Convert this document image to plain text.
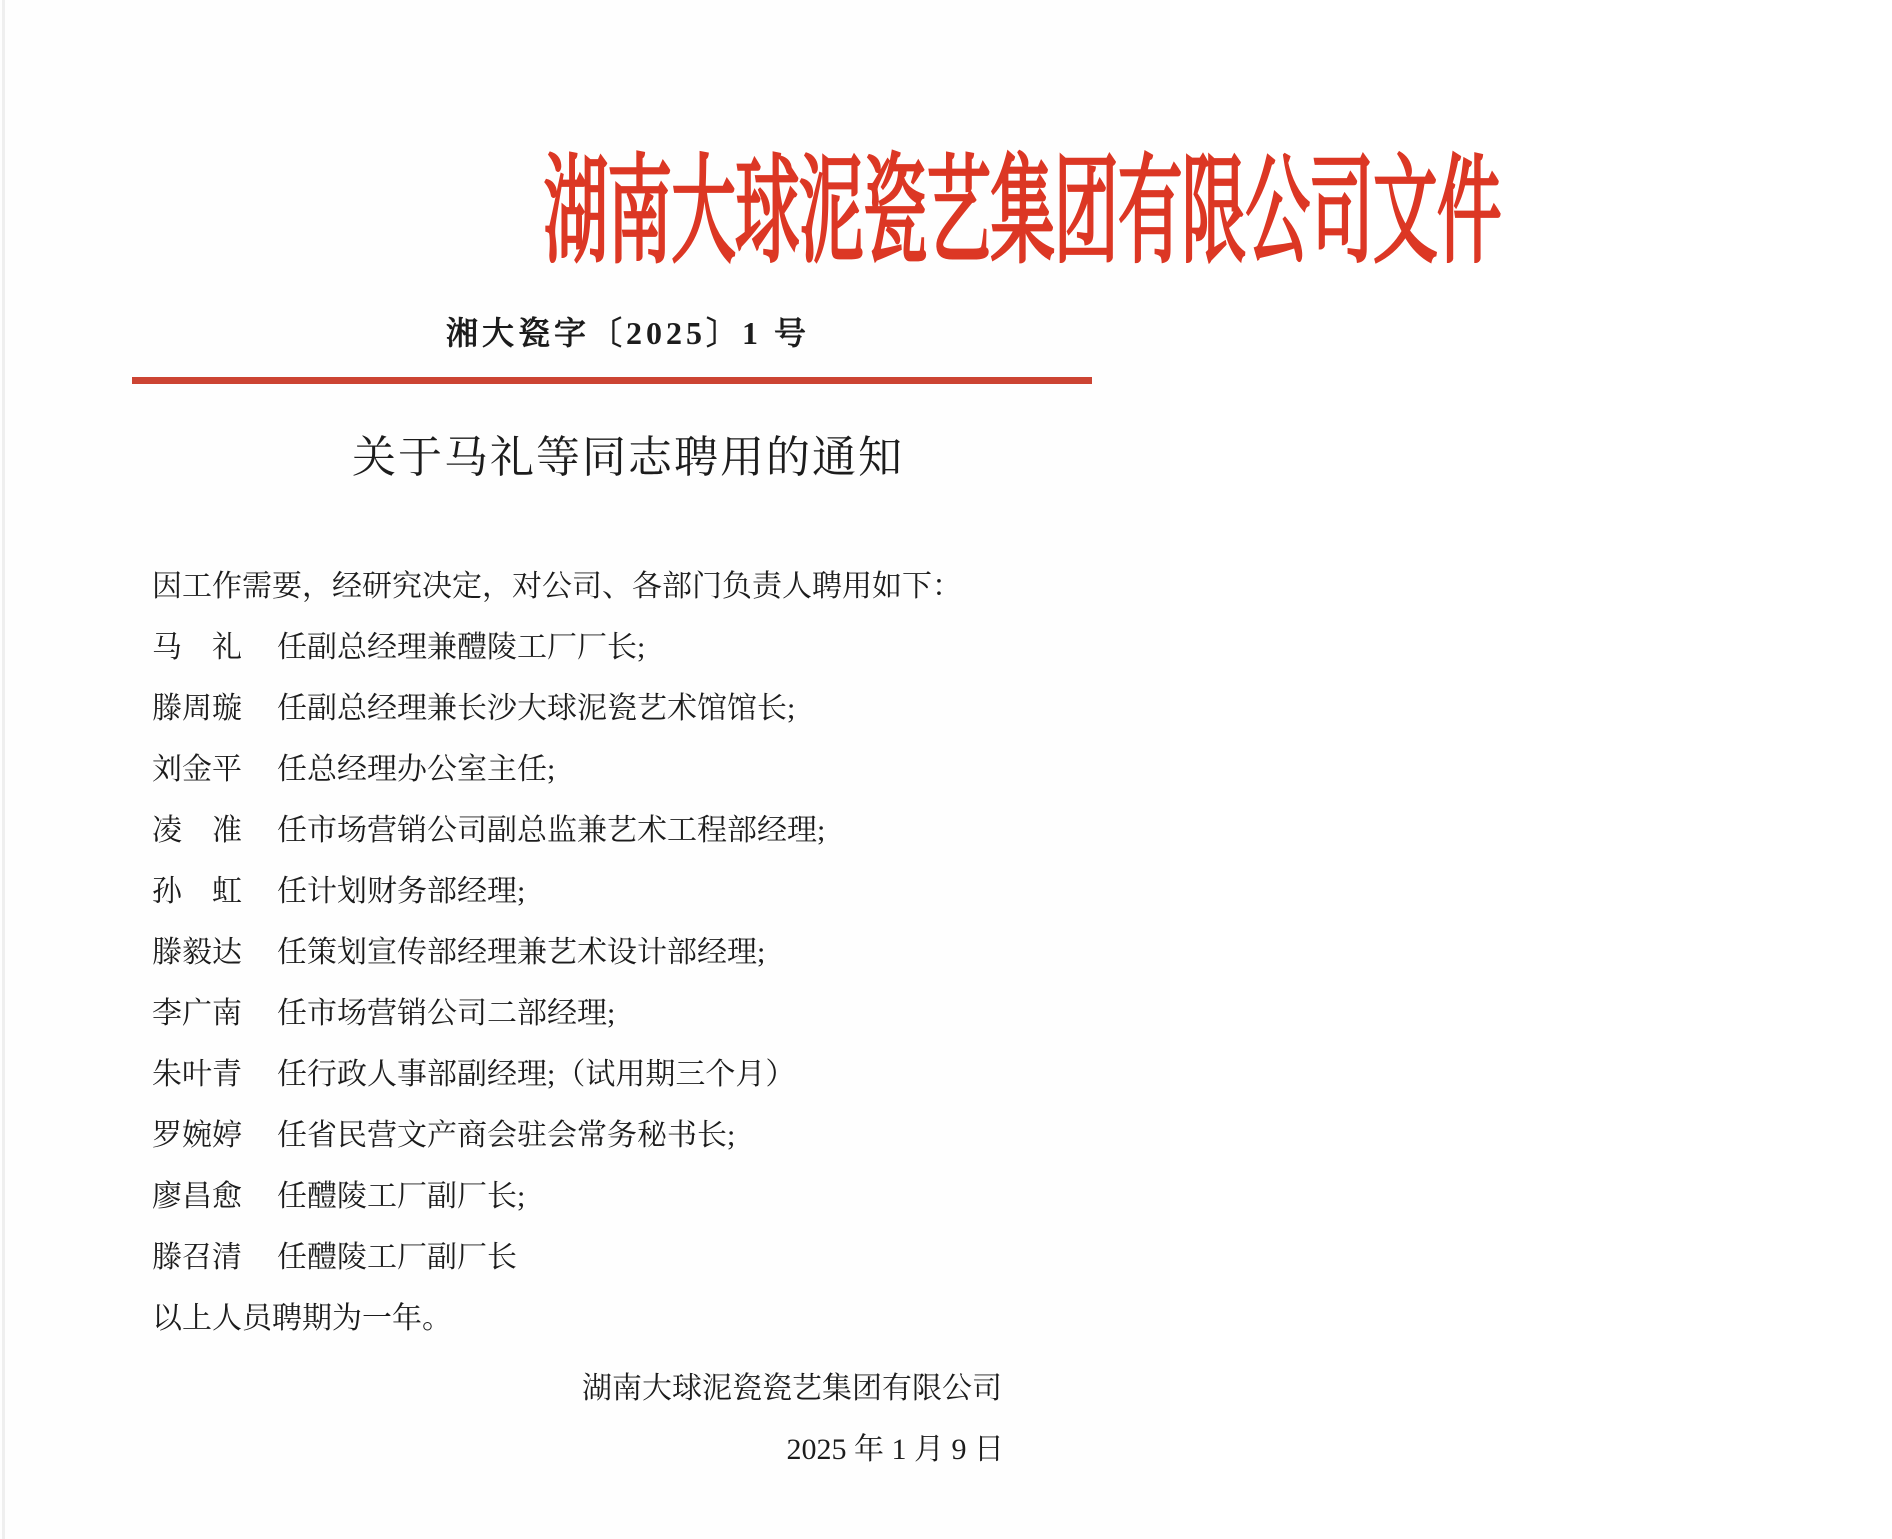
湖南大球泥瓷艺集团有限公司文件
湘大瓷字〔2025〕1 号
关于马礼等同志聘用的通知
因工作需要，经研究决定，对公司、各部门负责人聘用如下：
马　礼 任副总经理兼醴陵工厂厂长;
滕周璇 任副总经理兼长沙大球泥瓷艺术馆馆长;
刘金平 任总经理办公室主任;
凌　准 任市场营销公司副总监兼艺术工程部经理;
孙　虹 任计划财务部经理;
滕毅达 任策划宣传部经理兼艺术设计部经理;
李广南 任市场营销公司二部经理;
朱叶青 任行政人事部副经理;（试用期三个月）
罗婉婷 任省民营文产商会驻会常务秘书长;
廖昌愈 任醴陵工厂副厂长;
滕召清 任醴陵工厂副厂长
以上人员聘期为一年。
湖南大球泥瓷瓷艺集团有限公司
2025 年 1 月 9 日
